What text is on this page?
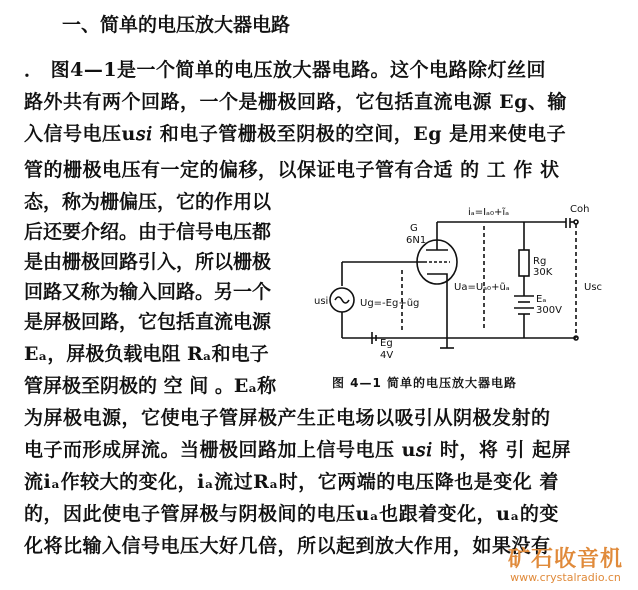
一、简单的电压放大器电路
． 图4—1是一个简单的电压放大器电路。这个电路除灯丝回
路外共有两个回路，一个是栅极回路，它包括直流电源 Eg、输
入信号电压u𝑠𝑖 和电子管栅极至阴极的空间，Eg 是用来使电子
管的栅极电压有一定的偏移，以保证电子管有合适 的 工 作 状
态，称为栅偏压，它的作用以
后还要介绍。由于信号电压都
是由栅极回路引入，所以栅极
回路又称为输入回路。另一个
是屏极回路，它包括直流电源
Eₐ，屏极负载电阻 Rₐ和电子
管屏极至阴极的 空 间 。Eₐ称
为屏极电源，它使电子管屏极产生正电场以吸引从阴极发射的
电子而形成屏流。当栅极回路加上信号电压 u𝑠𝑖 时，将 引 起屏
流iₐ作较大的变化，iₐ流过Rₐ时，它两端的电压降也是变化 着
的，因此使电子管屏极与阴极间的电压uₐ也跟着变化，uₐ的变
化将比输入信号电压大好几倍，所以起到放大作用，如果没有
G
6N1
iₐ=Iₐ₀+ĩₐ	Coh
Rg
30K
usi	Ug=-Eg+ũg
Ua=Uₐ₀+ũₐ
Eₐ
300V
Usc
Eg
4V
图 4—1 简单的电压放大器电路
矿石收音机
www.crystalradio.cn
